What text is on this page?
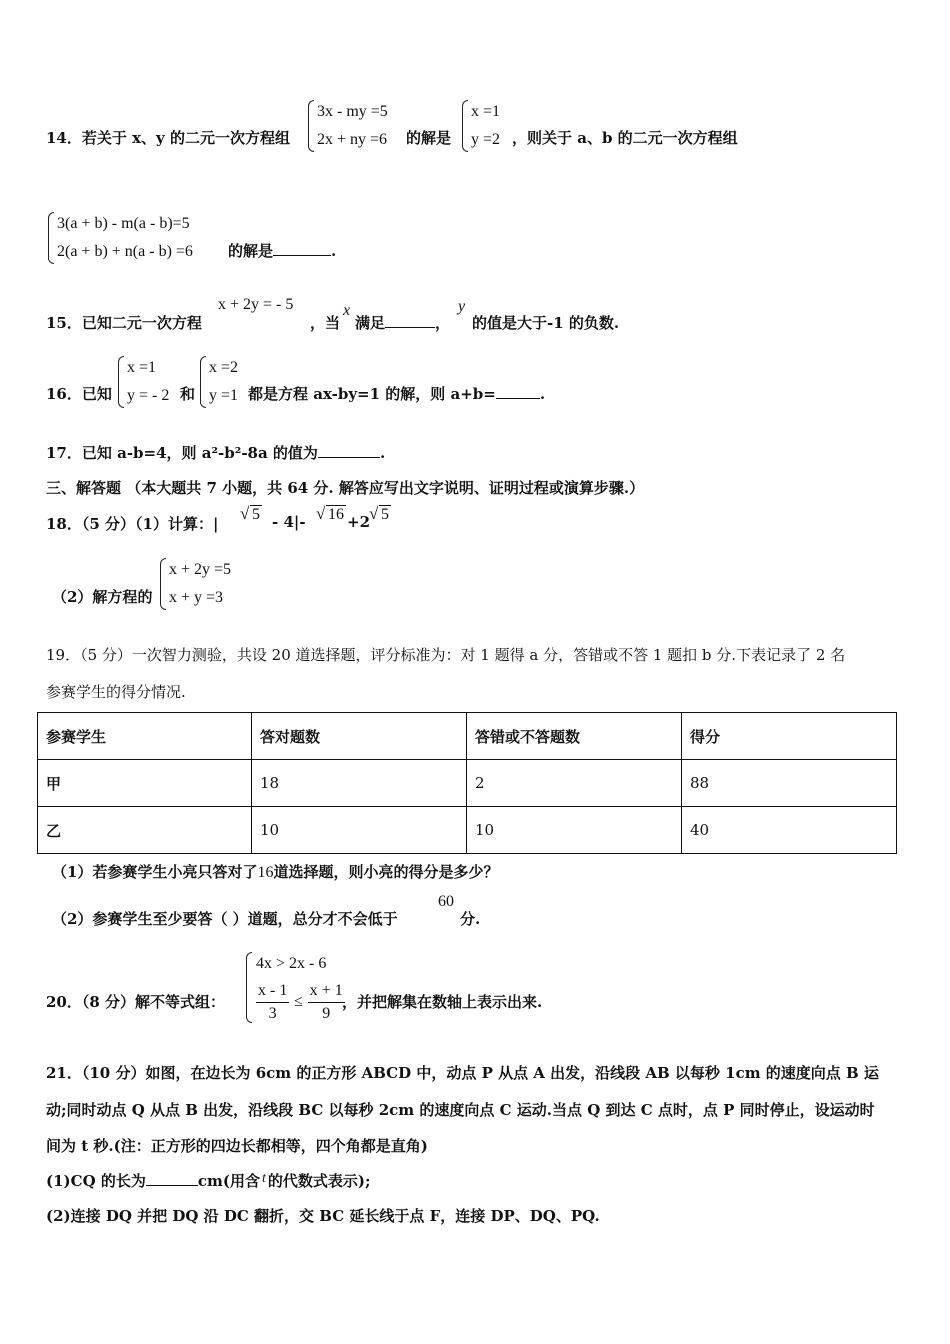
14．若关于 x、y 的二元一次方程组
3x - my =5
2x + ny =6 的解是
x =1
y =2 ，则关于 a、b 的二元一次方程组
3(a + b) - m(a - b)=5
2(a + b) + n(a - b) =6 的解是	.
15．已知二元一次方程
x + 2y = - 5
，当
x
满足	，
y
的值是大于-1 的负数.
16．已知
x =1
y = - 2 和
x =2
y =1 都是方程 ax-by=1 的解，则 a+b=	.
17．已知 a-b=4，则 a²-b²-8a 的值为	.
三、解答题 （本大题共 7 小题，共 64 分. 解答应写出文字说明、证明过程或演算步骤.）
18．（5 分）（1）计算：|
√ 5 - 4|-	√ 16 +2 √ 5
（2）解方程的
x + 2y =5
x + y =3
19．（5 分）一次智力测验，共设 20 道选择题，评分标准为：对 1 题得 a 分，答错或不答 1 题扣 b 分.下表记录了 2 名
参赛学生的得分情况.
参赛学生	答对题数	答错或不答题数	得分
甲	18	2	88
乙	10	10	40
（1）若参赛学生小亮只答对了16道选择题，则小亮的得分是多少？
（2）参赛学生至少要答（ ）道题，总分才不会低于
60
分.
20．（8 分）解不等式组：
4x > 2x - 6
$\frac{x - 1}{3} \le \frac{x + 1}{9}$
，并把解集在数轴上表示出来.
21．（10 分）如图，在边长为 6cm 的正方形 ABCD 中，动点 P 从点 A 出发，沿线段 AB 以每秒 1cm 的速度向点 B 运
动;同时动点 Q 从点 B 出发，沿线段 BC 以每秒 2cm 的速度向点 C 运动.当点 Q 到达 C 点时，点 P 同时停止，设运动时
间为 t 秒.(注：正方形的四边长都相等，四个角都是直角)
(1)CQ 的长为	cm(用含 t 的代数式表示);
(2)连接 DQ 并把 DQ 沿 DC 翻折，交 BC 延长线于点 F，连接 DP、DQ、PQ.
